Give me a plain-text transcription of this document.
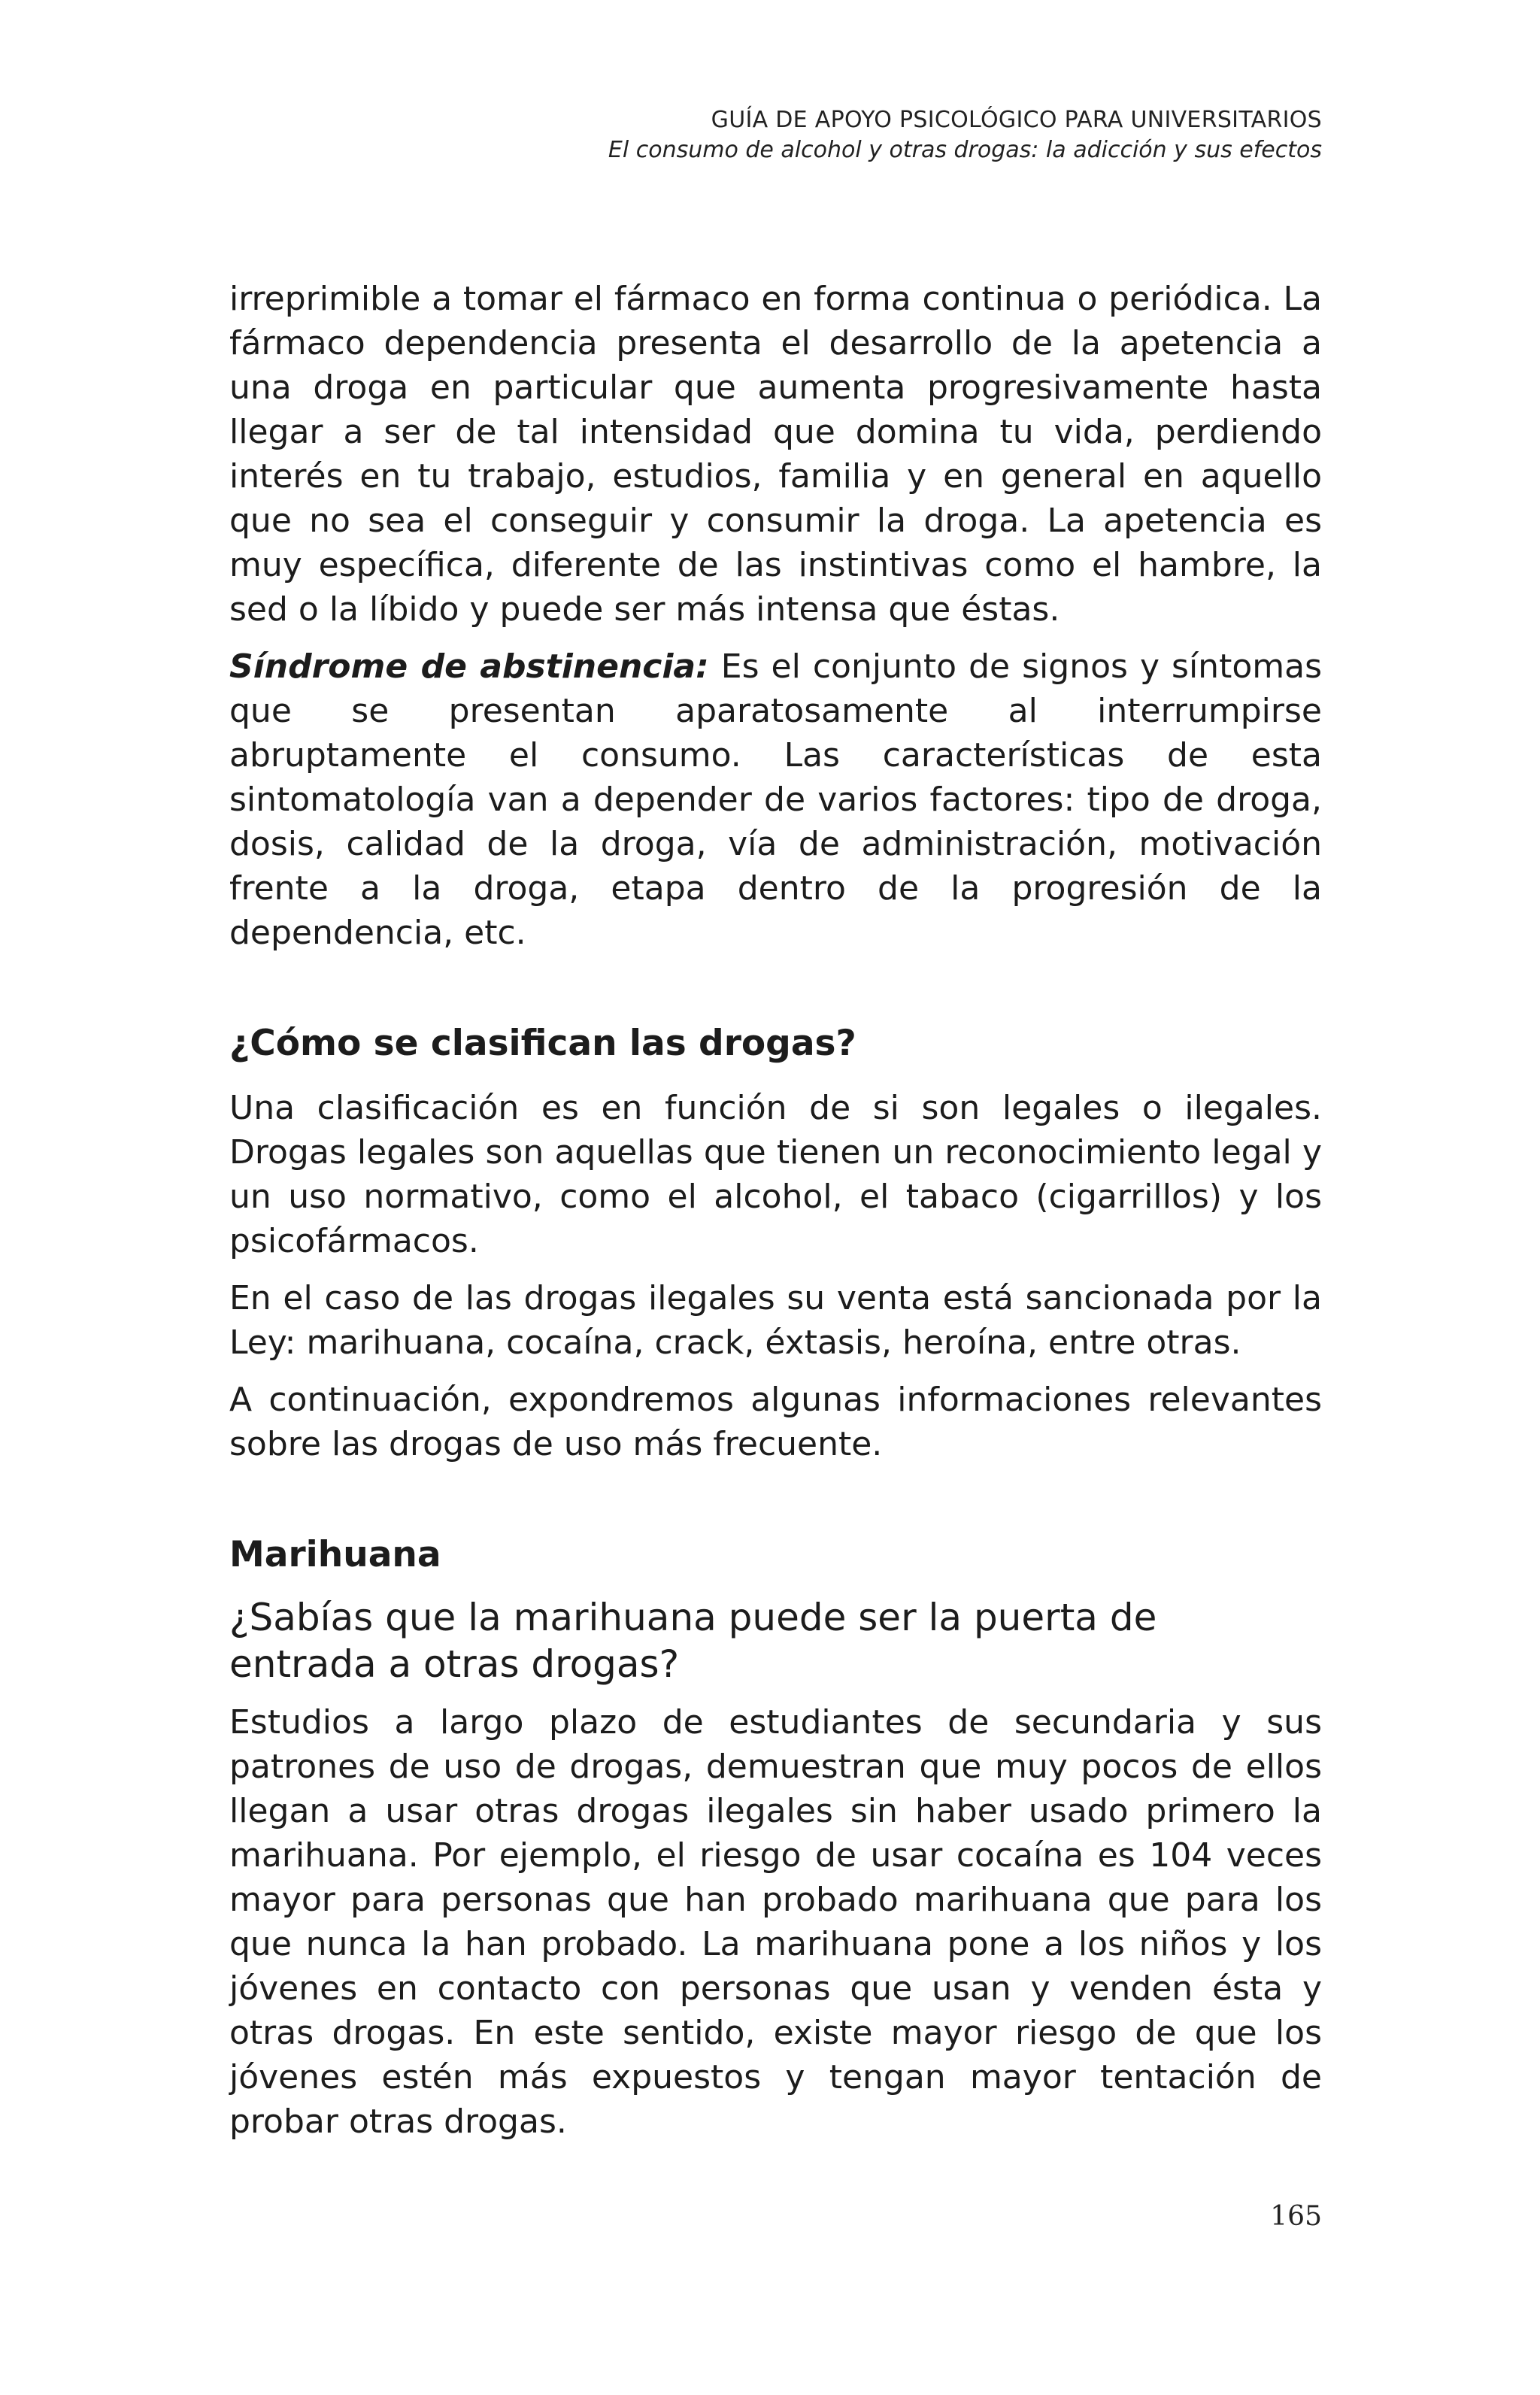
GUÍA DE APOYO PSICOLÓGICO PARA UNIVERSITARIOS
El consumo de alcohol y otras drogas: la adicción y sus efectos

irreprimible a tomar el fármaco en forma continua o periódica. La fármaco dependencia presenta el desarrollo de la apetencia a una droga en particular que aumenta progresivamente hasta llegar a ser de tal intensidad que domina tu vida, perdiendo interés en tu trabajo, estudios, familia y en general en aquello que no sea el conseguir y consumir la droga. La apetencia es muy específica, diferente de las instintivas como el hambre, la sed o la líbido y puede ser más intensa que éstas.

Síndrome de abstinencia: Es el conjunto de signos y síntomas que se presentan aparatosamente al interrumpirse abruptamente el consumo. Las características de esta sintomatología van a depender de varios factores: tipo de droga, dosis, calidad de la droga, vía de administración, motivación frente a la droga, etapa dentro de la progresión de la dependencia, etc.

¿Cómo se clasifican las drogas?

Una clasificación es en función de si son legales o ilegales. Drogas legales son aquellas que tienen un reconocimiento legal y un uso normativo, como el alcohol, el tabaco (cigarrillos) y los psicofármacos.

En el caso de las drogas ilegales su venta está sancionada por la Ley: marihuana, cocaína, crack, éxtasis, heroína, entre otras.

A continuación, expondremos algunas informaciones relevantes sobre las drogas de uso más frecuente.

Marihuana

¿Sabías que la marihuana puede ser la puerta de entrada a otras drogas?

Estudios a largo plazo de estudiantes de secundaria y sus patrones de uso de drogas, demuestran que muy pocos de ellos llegan a usar otras drogas ilegales sin haber usado primero la marihuana. Por ejemplo, el riesgo de usar cocaína es 104 veces mayor para personas que han probado marihuana que para los que nunca la han probado. La marihuana pone a los niños y los jóvenes en contacto con personas que usan y venden ésta y otras drogas. En este sentido, existe mayor riesgo de que los jóvenes estén más expuestos y tengan mayor tentación de probar otras drogas.

165
